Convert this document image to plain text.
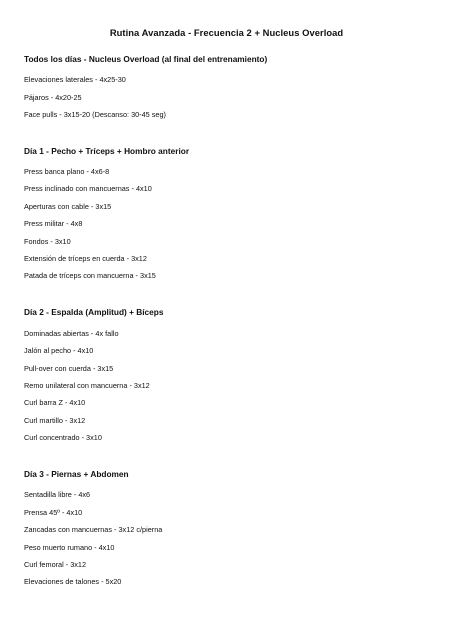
Rutina Avanzada - Frecuencia 2 + Nucleus Overload
Todos los días - Nucleus Overload (al final del entrenamiento)
Elevaciones laterales - 4x25-30
Pájaros - 4x20-25
Face pulls - 3x15-20 (Descanso: 30-45 seg)
Día 1 - Pecho + Tríceps + Hombro anterior
Press banca plano - 4x6-8
Press inclinado con mancuernas - 4x10
Aperturas con cable - 3x15
Press militar - 4x8
Fondos - 3x10
Extensión de tríceps en cuerda - 3x12
Patada de tríceps con mancuerna - 3x15
Día 2 - Espalda (Amplitud) + Bíceps
Dominadas abiertas - 4x fallo
Jalón al pecho - 4x10
Pull-over con cuerda - 3x15
Remo unilateral con mancuerna - 3x12
Curl barra Z - 4x10
Curl martillo - 3x12
Curl concentrado - 3x10
Día 3 - Piernas + Abdomen
Sentadilla libre - 4x6
Prensa 45º - 4x10
Zancadas con mancuernas - 3x12 c/pierna
Peso muerto rumano - 4x10
Curl femoral - 3x12
Elevaciones de talones - 5x20
